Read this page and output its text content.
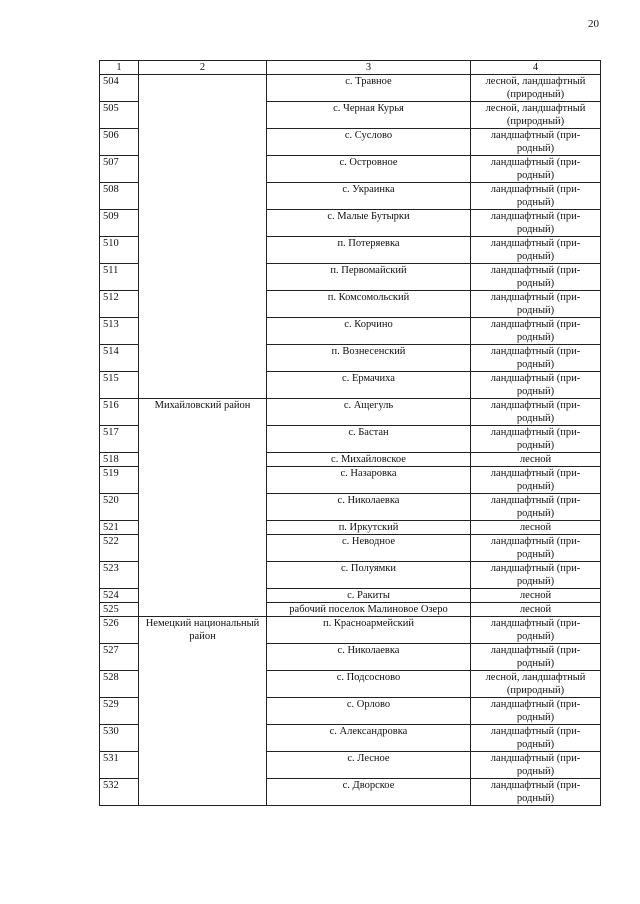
20
1	2	3	4
504		с. Травное	лесной, ландшафтный (природный)
505		с. Черная Курья	лесной, ландшафтный (природный)
506		с. Суслово	ландшафтный (при-родный)
507		с. Островное	ландшафтный (при-родный)
508		с. Украинка	ландшафтный (при-родный)
509		с. Малые Бутырки	ландшафтный (при-родный)
510		п. Потеряевка	ландшафтный (при-родный)
511		п. Первомайский	ландшафтный (при-родный)
512		п. Комсомольский	ландшафтный (при-родный)
513		с. Корчино	ландшафтный (при-родный)
514		п. Вознесенский	ландшафтный (при-родный)
515		с. Ермачиха	ландшафтный (при-родный)
516	Михайловский район	с. Ащегуль	ландшафтный (при-родный)
517		с. Бастан	ландшафтный (при-родный)
518		с. Михайловское	лесной
519		с. Назаровка	ландшафтный (при-родный)
520		с. Николаевка	ландшафтный (при-родный)
521		п. Иркутский	лесной
522		с. Неводное	ландшафтный (при-родный)
523		с. Полуямки	ландшафтный (при-родный)
524		с. Ракиты	лесной
525		рабочий поселок Малиновое Озеро	лесной
526	Немецкий национальный район	п. Красноармейский	ландшафтный (при-родный)
527		с. Николаевка	ландшафтный (при-родный)
528		с. Подсосново	лесной, ландшафтный (природный)
529		с. Орлово	ландшафтный (при-родный)
530		с. Александровка	ландшафтный (при-родный)
531		с. Лесное	ландшафтный (при-родный)
532		с. Дворское	ландшафтный (при-родный)
